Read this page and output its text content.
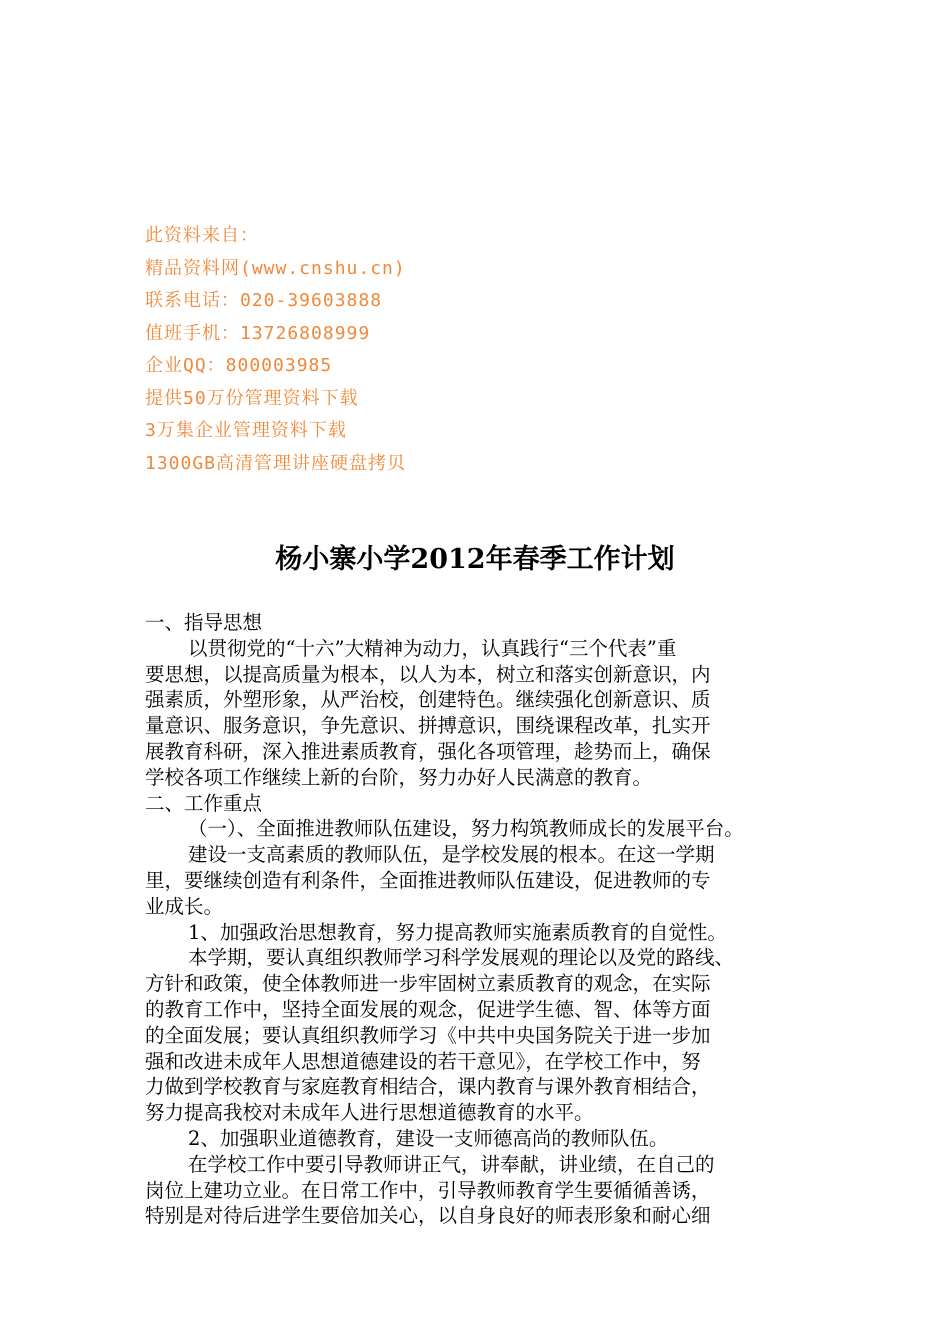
此资料来自：
精品资料网(www.cnshu.cn)
联系电话：020-39603888
值班手机：13726808999
企业QQ：800003985
提供50万份管理资料下载
3万集企业管理资料下载
1300GB高清管理讲座硬盘拷贝
杨小寨小学2012年春季工作计划
一、指导思想
以贯彻党的“十六”大精神为动力，认真践行“三个代表”重
要思想，以提高质量为根本，以人为本，树立和落实创新意识，内
强素质，外塑形象，从严治校，创建特色。继续强化创新意识、质
量意识、服务意识，争先意识、拼搏意识，围绕课程改革，扎实开
展教育科研，深入推进素质教育，强化各项管理，趁势而上，确保
学校各项工作继续上新的台阶，努力办好人民满意的教育。
二、工作重点
（一）、全面推进教师队伍建设，努力构筑教师成长的发展平台。
建设一支高素质的教师队伍，是学校发展的根本。在这一学期
里，要继续创造有利条件，全面推进教师队伍建设，促进教师的专
业成长。
1、加强政治思想教育，努力提高教师实施素质教育的自觉性。
本学期，要认真组织教师学习科学发展观的理论以及党的路线、
方针和政策，使全体教师进一步牢固树立素质教育的观念，在实际
的教育工作中，坚持全面发展的观念，促进学生德、智、体等方面
的全面发展；要认真组织教师学习《中共中央国务院关于进一步加
强和改进未成年人思想道德建设的若干意见》，在学校工作中，努
力做到学校教育与家庭教育相结合，课内教育与课外教育相结合，
努力提高我校对未成年人进行思想道德教育的水平。
2、加强职业道德教育，建设一支师德高尚的教师队伍。
在学校工作中要引导教师讲正气，讲奉献，讲业绩，在自己的
岗位上建功立业。在日常工作中，引导教师教育学生要循循善诱，
特别是对待后进学生要倍加关心，以自身良好的师表形象和耐心细
